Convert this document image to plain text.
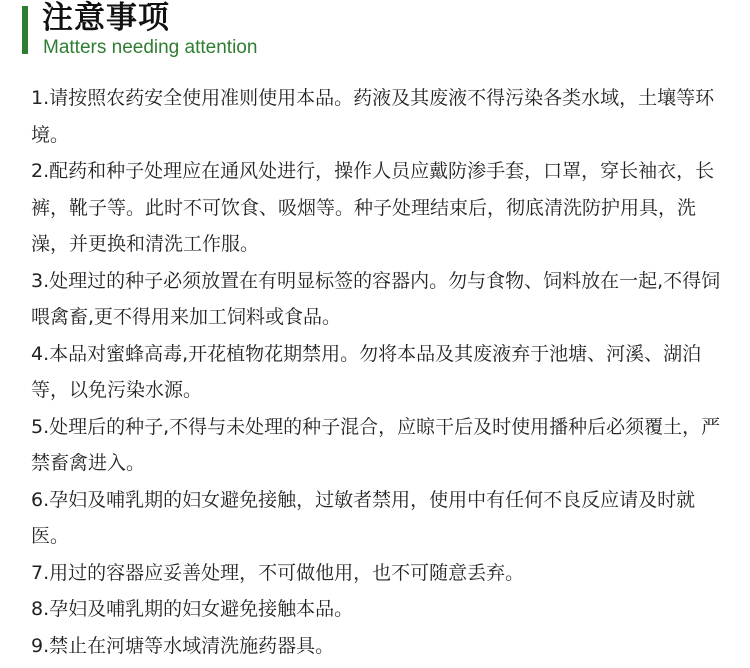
注意事项
Matters needing attention

1.请按照农药安全使用准则使用本品。药液及其废液不得污染各类水域，土壤等环境。

2.配药和种子处理应在通风处进行，操作人员应戴防渗手套，口罩，穿长袖衣，长裤，靴子等。此时不可饮食、吸烟等。种子处理结束后，彻底清洗防护用具，洗澡，并更换和清洗工作服。

3.处理过的种子必须放置在有明显标签的容器内。勿与食物、饲料放在一起,不得饲喂禽畜,更不得用来加工饲料或食品。

4.本品对蜜蜂高毒,开花植物花期禁用。勿将本品及其废液弃于池塘、河溪、湖泊等，以免污染水源。

5.处理后的种子,不得与未处理的种子混合，应晾干后及时使用播种后必须覆土，严禁畜禽进入。

6.孕妇及哺乳期的妇女避免接触，过敏者禁用，使用中有任何不良反应请及时就医。

7.用过的容器应妥善处理，不可做他用，也不可随意丢弃。

8.孕妇及哺乳期的妇女避免接触本品。

9.禁止在河塘等水域清洗施药器具。
